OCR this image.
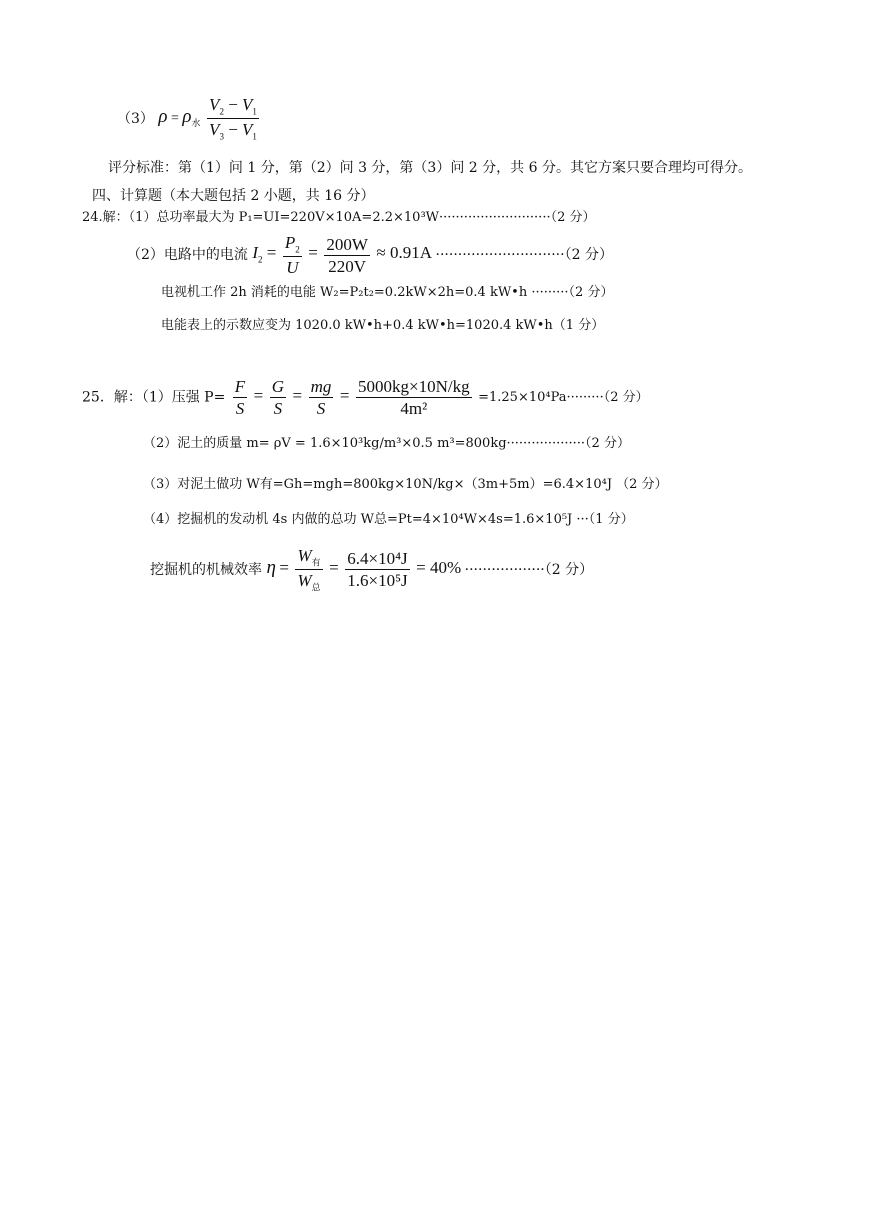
（3） $\rho = \rho_水 \frac{V_2 - V_1}{V_3 - V_1}$
评分标准：第（1）问 1 分，第（2）问 3 分，第（3）问 2 分，共 6 分。其它方案只要合理均可得分。
四、计算题（本大题包括 2 小题，共 16 分）
24.解：（1）总功率最大为 P₁=UI=220V×10A=2.2×10³W···························（2 分）
（2）电路中的电流 $I_2 = \frac{P_2}{U} = \frac{200W}{220V} \approx 0.91A \cdot\cdot\cdot\cdot\cdot\cdot\cdot\cdot\cdot\cdot\cdot\cdot\cdot\cdot\cdot\cdot\cdot\cdot\cdot\cdot\cdot\cdot\cdot\cdot\cdot\cdot\cdot\cdot\cdot(2$ 分）
电视机工作 2h 消耗的电能 W₂=P₂t₂=0.2kW×2h=0.4 kW•h ·········（2 分）
电能表上的示数应变为 1020.0 kW•h+0.4 kW•h=1020.4 kW•h（1 分）
25．解：（1）压强 $P= \frac{F}{S} = \frac{G}{S} = \frac{mg}{S} = \frac{5000kg\times 10N/kg}{\text{4m²}} =1.25\times 10^4Pa\cdot\cdot\cdot\cdot\cdot\cdot\cdot\cdot\cdot(2$ 分）
（2）泥土的质量 m= ρV = 1.6×10³kg/m³×0.5 m³=800kg···················（2 分）
（3）对泥土做功 W有=Gh=mgh=800kg×10N/kg×（3m+5m）=6.4×10⁴J （2 分）
（4）挖掘机的发动机 4s 内做的总功 W总=Pt=4×10⁴W×4s=1.6×10⁵J ···（1 分）
挖掘机的机械效率 $\eta = \frac{W_有}{W_总} = \frac{\text{6.4×10⁴J}}{\text{1.6×10⁵J}} = 40\% \cdot\cdot\cdot\cdot\cdot\cdot\cdot\cdot\cdot\cdot\cdot\cdot\cdot\cdot\cdot\cdot\cdot\cdot(2$ 分）
